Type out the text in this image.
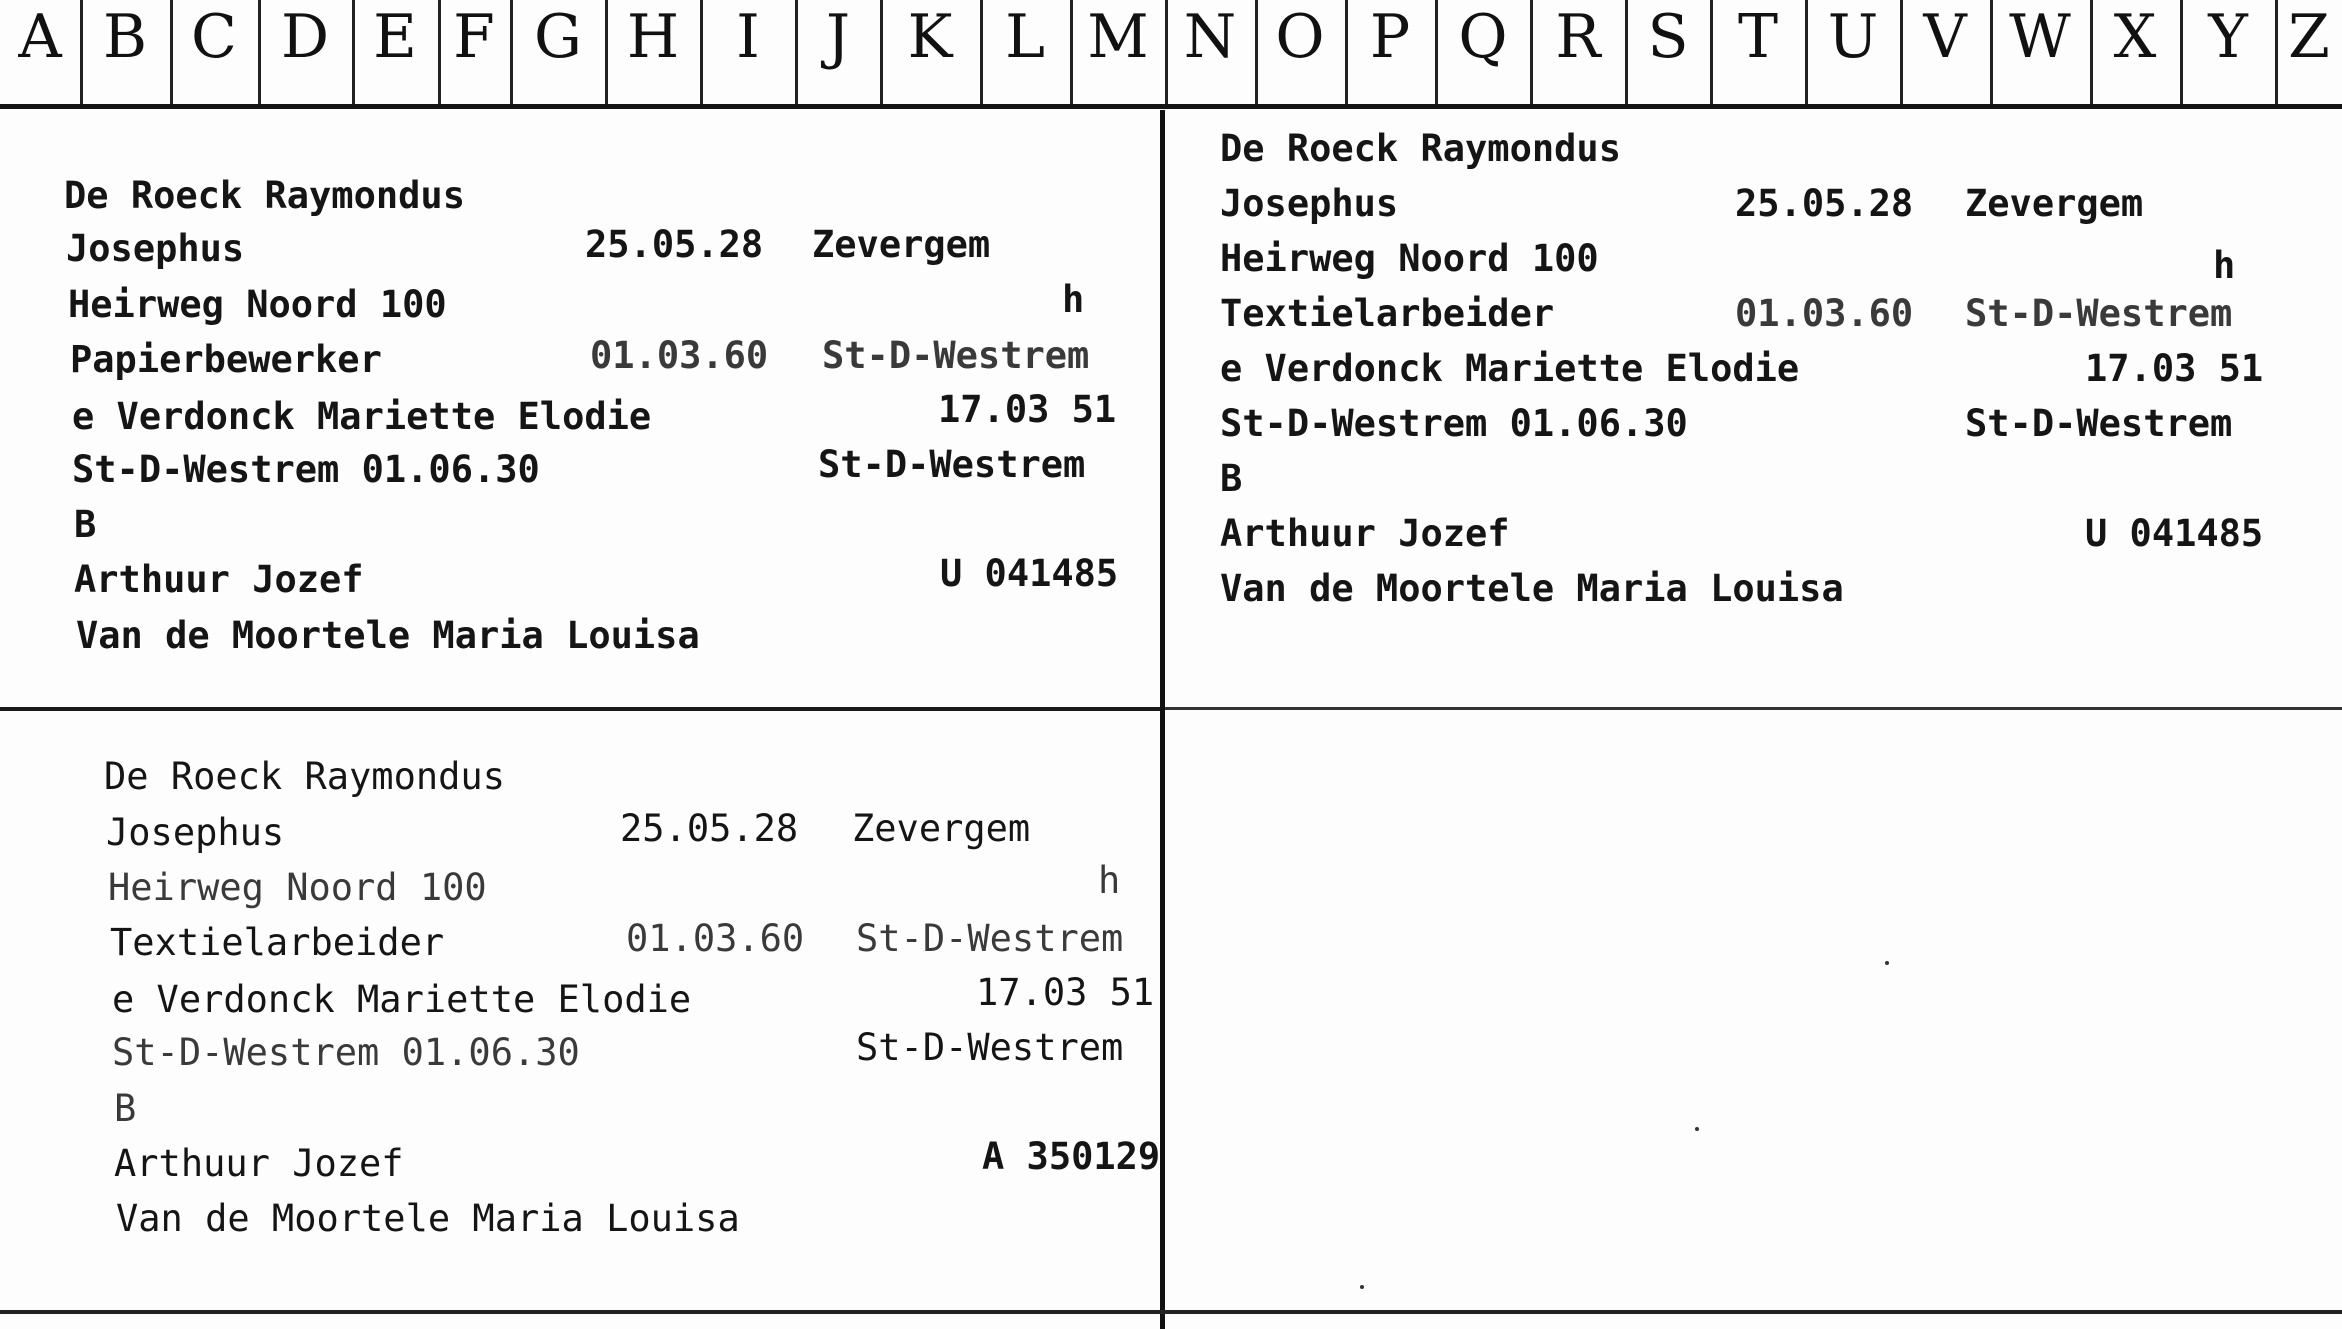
A B C D E F G H I	J K L M N O P Q R S T U V W X Y Z
De Roeck Raymondus
Josephus	25.05.28 Zevergem
Heirweg Noord 100	h
Papierbewerker	01.03.60 St-D-Westrem
e Verdonck Mariette Elodie	17.03 51
St-D-Westrem 01.06.30	St-D-Westrem
B
Arthuur Jozef	U 041485
Van de Moortele Maria Louisa
De Roeck Raymondus
Josephus	25.05.28 Zevergem
Heirweg Noord 100	h
Textielarbeider	01.03.60 St-D-Westrem
e Verdonck Mariette Elodie	17.03 51
St-D-Westrem 01.06.30	St-D-Westrem
B
Arthuur Jozef	U 041485
Van de Moortele Maria Louisa
De Roeck Raymondus
Josephus	25.05.28 Zevergem
Heirweg Noord 100	h
Textielarbeider	01.03.60 St-D-Westrem
e Verdonck Mariette Elodie	17.03 51
St-D-Westrem 01.06.30	St-D-Westrem
B
Arthuur Jozef	A 350129
Van de Moortele Maria Louisa
